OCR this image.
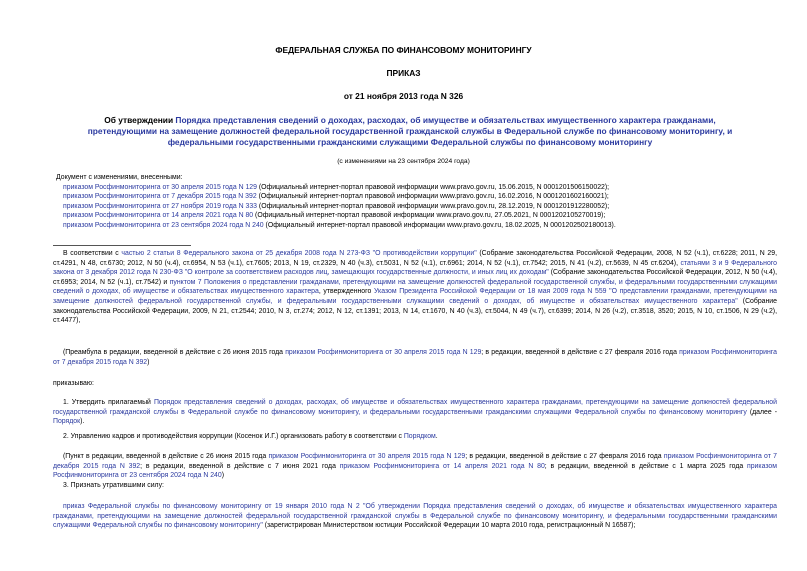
ФЕДЕРАЛЬНАЯ СЛУЖБА ПО ФИНАНСОВОМУ МОНИТОРИНГУ
ПРИКАЗ
от 21 ноября 2013 года N 326
Об утверждении Порядка представления сведений о доходах, расходах, об имуществе и обязательствах имущественного характера гражданами, претендующими на замещение должностей федеральной государственной гражданской службы в Федеральной службе по финансовому мониторингу, и федеральными государственными гражданскими служащими Федеральной службы по финансовому мониторингу
(с изменениями на 23 сентября 2024 года)
Документ с изменениями, внесенными:
приказом Росфинмониторинга от 30 апреля 2015 года N 129 (Официальный интернет-портал правовой информации www.pravo.gov.ru, 15.06.2015, N 0001201506150022);
приказом Росфинмониторинга от 7 декабря 2015 года N 392 (Официальный интернет-портал правовой информации www.pravo.gov.ru, 16.02.2016, N 0001201602160021);
приказом Росфинмониторинга от 27 ноября 2019 года N 333 (Официальный интернет-портал правовой информации www.pravo.gov.ru, 28.12.2019, N 0001201912280052);
приказом Росфинмониторинга от 14 апреля 2021 года N 80 (Официальный интернет-портал правовой информации www.pravo.gov.ru, 27.05.2021, N 0001202105270019);
приказом Росфинмониторинга от 23 сентября 2024 года N 240 (Официальный интернет-портал правовой информации www.pravo.gov.ru, 18.02.2025, N 0001202502180013).
В соответствии с частью 2 статьи 8 Федерального закона от 25 декабря 2008 года N 273-ФЗ "О противодействии коррупции" (Собрание законодательства Российской Федерации, 2008, N 52 (ч.1), ст.6228; 2011, N 29, ст.4291, N 48, ст.6730; 2012, N 50 (ч.4), ст.6954, N 53 (ч.1), ст.7605; 2013, N 19, ст.2329, N 40 (ч.3), ст.5031, N 52 (ч.1), ст.6961; 2014, N 52 (ч.1), ст.7542; 2015, N 41 (ч.2), ст.5639, N 45 ст.6204), статьями 3 и 9 Федерального закона от 3 декабря 2012 года N 230-ФЗ "О контроле за соответствием расходов лиц, замещающих государственные должности, и иных лиц их доходам" (Собрание законодательства Российской Федерации, 2012, N 50 (ч.4), ст.6953; 2014, N 52 (ч.1), ст.7542) и пунктом 7 Положения о представлении гражданами, претендующими на замещение должностей федеральной государственной службы, и федеральными государственными служащими сведений о доходах, об имуществе и обязательствах имущественного характера, утвержденного Указом Президента Российской Федерации от 18 мая 2009 года N 559 "О представлении гражданами, претендующими на замещение должностей федеральной государственной службы, и федеральными государственными служащими сведений о доходах, об имуществе и обязательствах имущественного характера" (Собрание законодательства Российской Федерации, 2009, N 21, ст.2544; 2010, N 3, ст.274; 2012, N 12, ст.1391; 2013, N 14, ст.1670, N 40 (ч.3), ст.5044, N 49 (ч.7), ст.6399; 2014, N 26 (ч.2), ст.3518, 3520; 2015, N 10, ст.1506, N 29 (ч.2), ст.4477),
(Преамбула в редакции, введенной в действие с 26 июня 2015 года приказом Росфинмониторинга от 30 апреля 2015 года N 129; в редакции, введенной в действие с 27 февраля 2016 года приказом Росфинмониторинга от 7 декабря 2015 года N 392)
приказываю:
1. Утвердить прилагаемый Порядок представления сведений о доходах, расходах, об имуществе и обязательствах имущественного характера гражданами, претендующими на замещение должностей федеральной государственной гражданской службы в Федеральной службе по финансовому мониторингу, и федеральными государственными гражданскими служащими Федеральной службы по финансовому мониторингу (далее - Порядок).
2. Управлению кадров и противодействия коррупции (Косенок И.Г.) организовать работу в соответствии с Порядком.
(Пункт в редакции, введенной в действие с 26 июня 2015 года приказом Росфинмониторинга от 30 апреля 2015 года N 129; в редакции, введенной в действие с 27 февраля 2016 года приказом Росфинмониторинга от 7 декабря 2015 года N 392; в редакции, введенной в действие с 7 июня 2021 года приказом Росфинмониторинга от 14 апреля 2021 года N 80; в редакции, введенной в действие с 1 марта 2025 года приказом Росфинмониторинга от 23 сентября 2024 года N 240)
3. Признать утратившими силу:
приказ Федеральной службы по финансовому мониторингу от 19 января 2010 года N 2 "Об утверждении Порядка представления сведений о доходах, об имуществе и обязательствах имущественного характера гражданами, претендующими на замещение должностей федеральной государственной гражданской службы в Федеральной службе по финансовому мониторингу, и федеральными государственными гражданскими служащими Федеральной службы по финансовому мониторингу" (зарегистрирован Министерством юстиции Российской Федерации 10 марта 2010 года, регистрационный N 16587);
